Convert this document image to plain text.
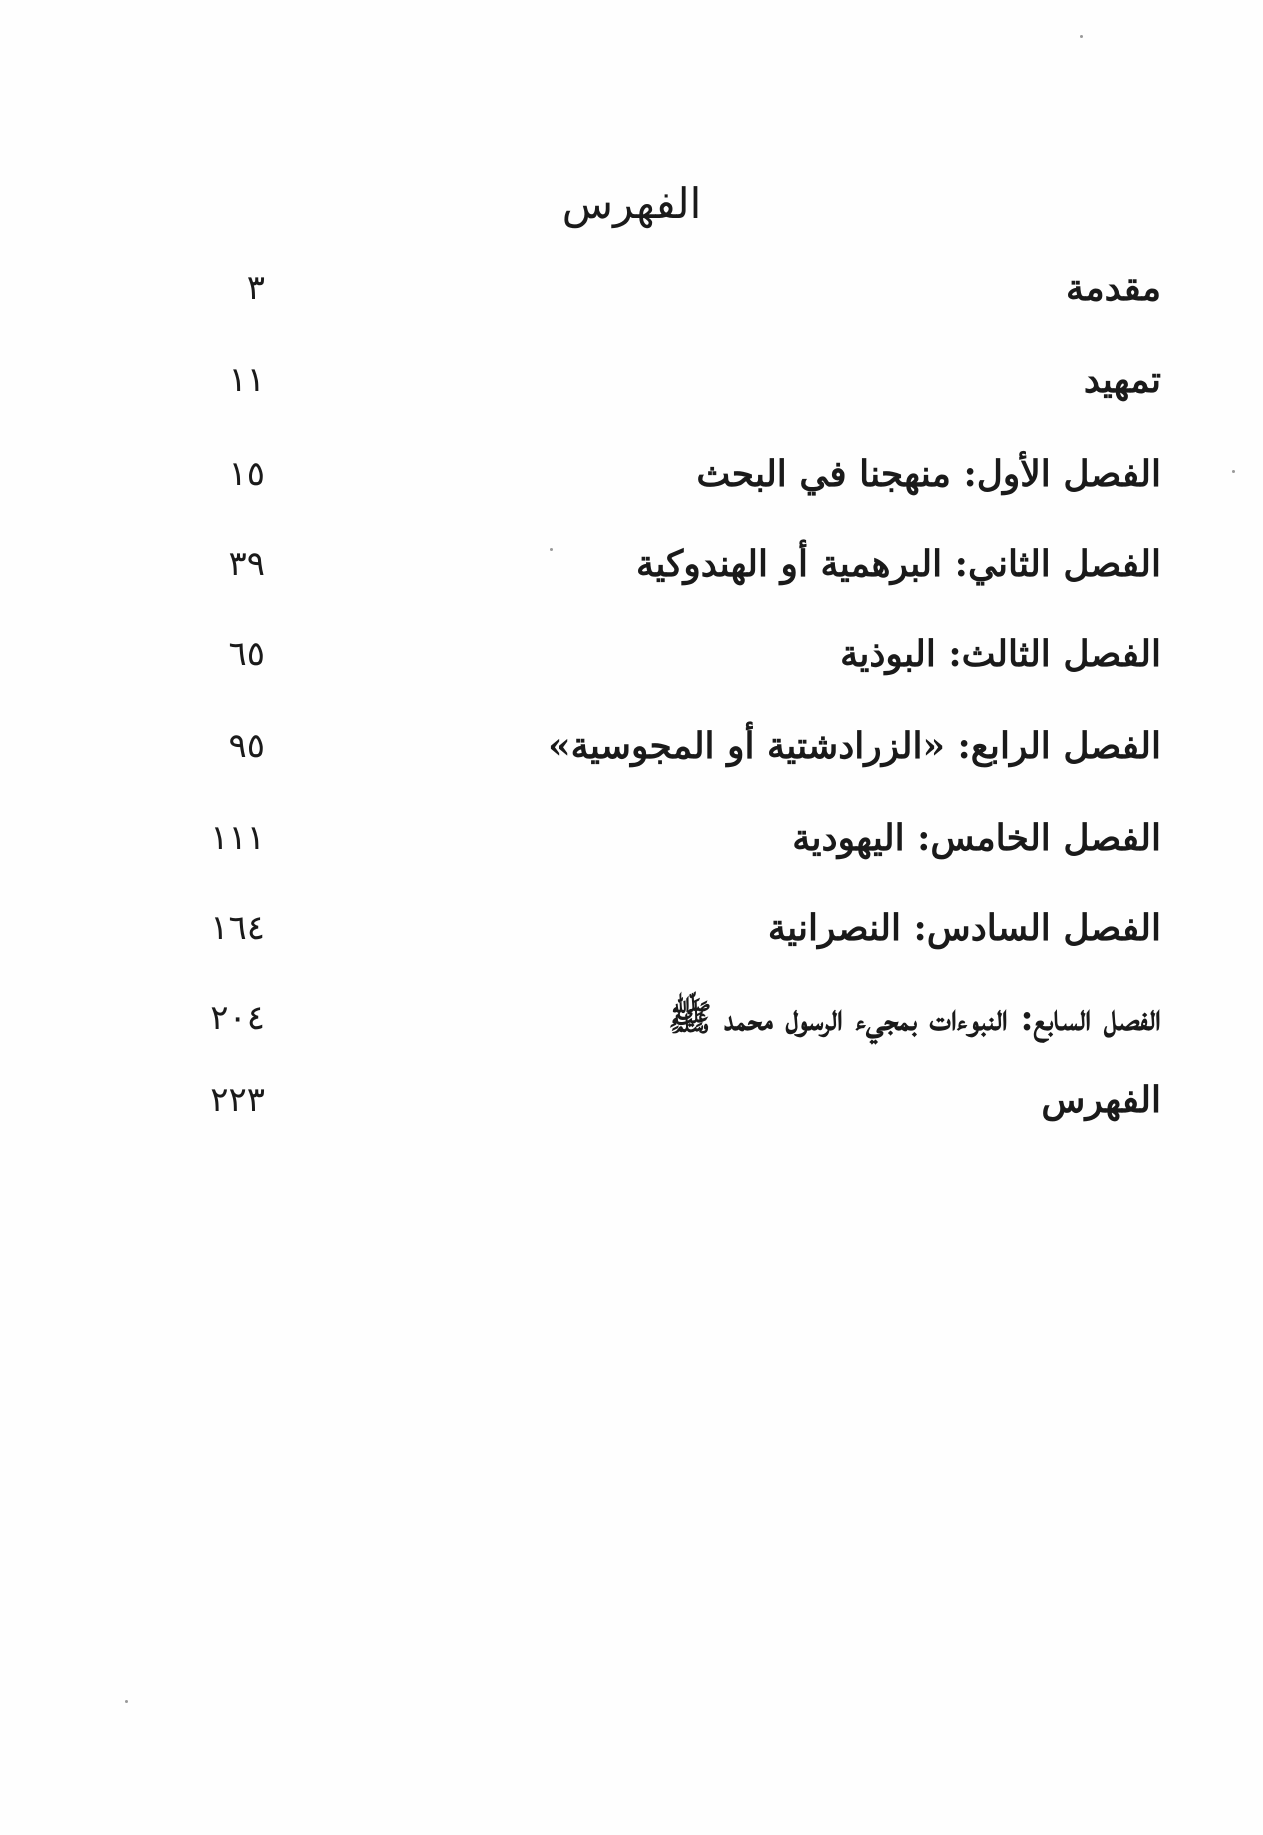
الفهرس
مقدمة
٣
تمهيد
١١
الفصل الأول: منهجنا في البحث
١٥
الفصل الثاني: البرهمية أو الهندوكية
٣٩
الفصل الثالث: البوذية
٦٥
الفصل الرابع: «الزرادشتية أو المجوسية»
٩٥
الفصل الخامس: اليهودية
١١١
الفصل السادس: النصرانية
١٦٤
الفصل السابع: النبوءات بمجيء الرسول محمد ﷺ
٢٠٤
الفهرس
٢٢٣
